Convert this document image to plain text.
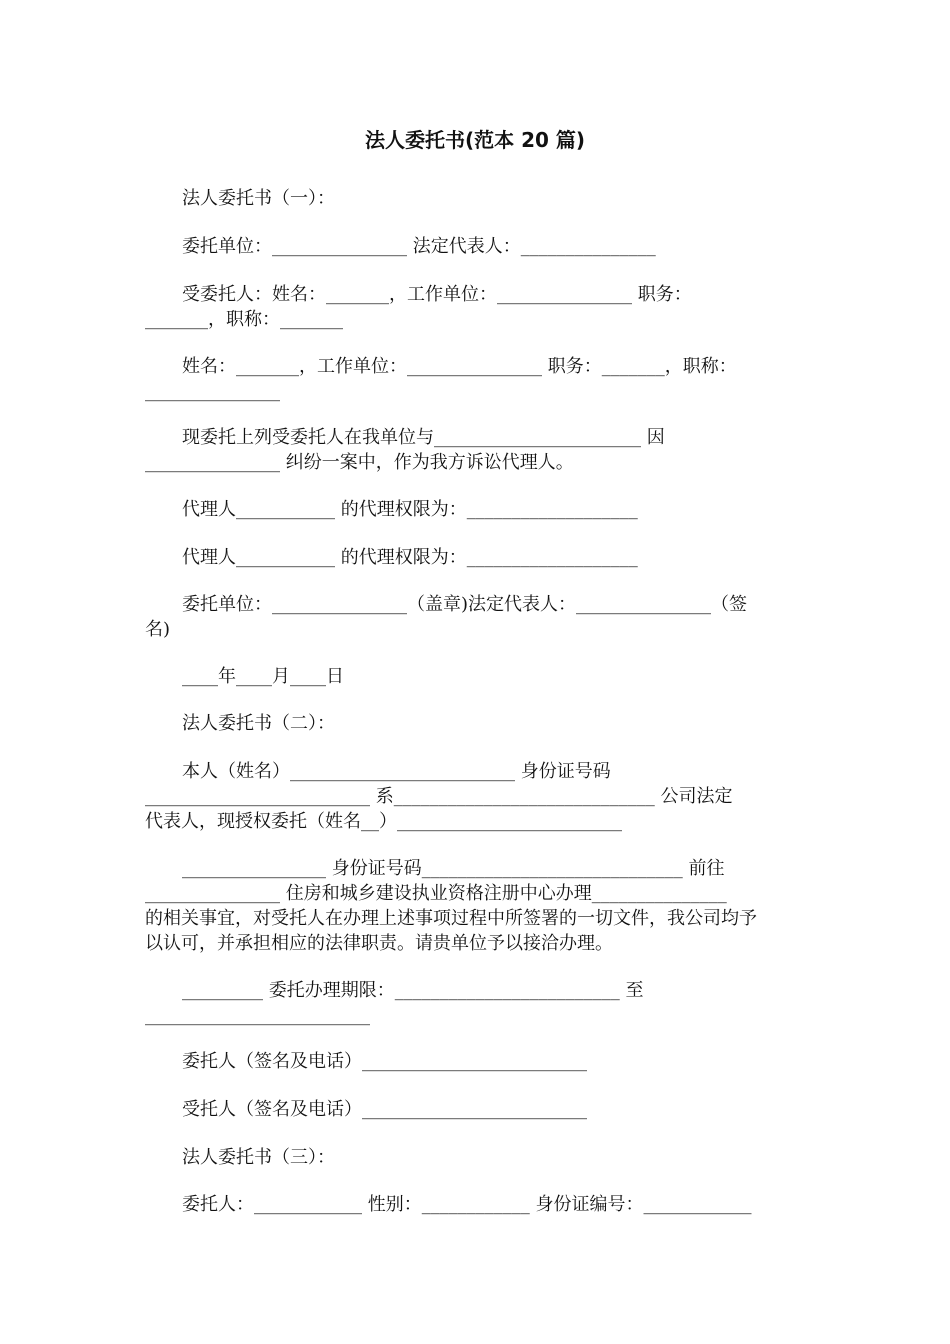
法人委托书(范本 20 篇)
法人委托书（一）：
委托单位：_______________ 法定代表人：_______________
受委托人：姓名：_______，工作单位：_______________ 职务：
_______，职称：_______
姓名：_______，工作单位：_______________ 职务：_______，职称：
_______________
现委托上列受委托人在我单位与_______________________ 因
_______________ 纠纷一案中，作为我方诉讼代理人。
代理人___________ 的代理权限为：___________________
代理人___________ 的代理权限为：___________________
委托单位：_______________（盖章)法定代表人：_______________（签
名)
____年____月____日
法人委托书（二）：
本人（姓名）_________________________ 身份证号码
_________________________ 系_____________________________ 公司法定
代表人，现授权委托（姓名__）_________________________
________________ 身份证号码_____________________________ 前往
_______________ 住房和城乡建设执业资格注册中心办理_______________
的相关事宜，对受托人在办理上述事项过程中所签署的一切文件，我公司均予
以认可，并承担相应的法律职责。请贵单位予以接洽办理。
_________ 委托办理期限：_________________________ 至
_________________________
委托人（签名及电话）_________________________
受托人（签名及电话）_________________________
法人委托书（三）：
委托人：____________ 性别：____________ 身份证编号：____________
